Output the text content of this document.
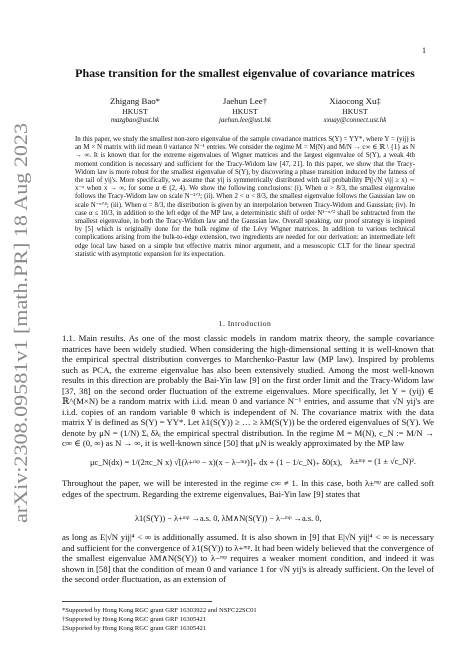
arXiv:2308.09581v1 [math.PR] 18 Aug 2023
1
Phase transition for the smallest eigenvalue of covariance matrices
Zhigang Bao*
HKUST
mazgbao@ust.hk
Jaehun Lee†
HKUST
jaehun.lee@ust.hk
Xiaocong Xu‡
HKUST
xxuay@connect.ust.hk

In this paper, we study the smallest non-zero eigenvalue of the sample covariance matrices S(Y) = YY*, where Y = (yij) is an M × N matrix with iid mean 0 variance N⁻¹ entries. We consider the regime M = M(N) and M/N → c∞ ∈ ℝ \ {1} as N → ∞. It is known that for the extreme eigenvalues of Wigner matrices and the largest eigenvalue of S(Y), a weak 4th moment condition is necessary and sufficient for the Tracy-Widom law [47, 21]. In this paper, we show that the Tracy-Widom law is more robust for the smallest eigenvalue of S(Y), by discovering a phase transition induced by the fatness of the tail of yij's. More specifically, we assume that yij is symmetrically distributed with tail probability ℙ(|√N yij| ≥ x) ∼ x⁻ᵅ when x → ∞, for some α ∈ (2, 4). We show the following conclusions: (i). When α > 8/3, the smallest eigenvalue follows the Tracy-Widom law on scale N⁻²ᐟ³; (ii). When 2 < α < 8/3, the smallest eigenvalue follows the Gaussian law on scale N⁻ᵅᐟ⁴; (iii). When α = 8/3, the distribution is given by an interpolation between Tracy-Widom and Gaussian; (iv). In case α ≤ 10/3, in addition to the left edge of the MP law, a deterministic shift of order N¹⁻ᵅᐟ² shall be subtracted from the smallest eigenvalue, in both the Tracy-Widom law and the Gaussian law. Overall speaking, our proof strategy is inspired by [5] which is originally done for the bulk regime of the Lévy Wigner matrices. In addition to various technical complications arising from the bulk-to-edge extension, two ingredients are needed for our derivation: an intermediate left edge local law based on a simple but effective matrix minor argument, and a mesoscopic CLT for the linear spectral statistic with asymptotic expansion for its expectation.

1. Introduction

1.1. Main results. As one of the most classic models in random matrix theory, the sample covariance matrices have been widely studied. When considering the high-dimensional setting it is well-known that the empirical spectral distribution converges to Marchenko-Pastur law (MP law). Inspired by problems such as PCA, the extreme eigenvalue has also been extensively studied. Among the most well-known results in this direction are probably the Bai-Yin law [9] on the first order limit and the Tracy-Widom law [37, 38] on the second order fluctuation of the extreme eigenvalues. More specifically, let Y = (yij) ∈ ℝ^(M×N) be a random matrix with i.i.d. mean 0 and variance N⁻¹ entries, and assume that √N yij's are i.i.d. copies of an random variable θ which is independent of N. The covariance matrix with the data matrix Y is defined as S(Y) = YY*. Let λ1(S(Y)) ≥ … ≥ λM(S(Y)) be the ordered eigenvalues of S(Y). We denote by μN = (1/N) Σᵢ δλᵢ the empirical spectral distribution. In the regime M = M(N), c_N := M/N → c∞ ∈ (0, ∞) as N → ∞, it is well-known since [50] that μN is weakly approximated by the MP law

μc_N(dx) = 1/(2πc_N x) √[(λ+ᵐᵖ − x)(x − λ−ᵐᵖ)]₊ dx + (1 − 1/c_N)₊ δ0(x), λ±ᵐᵖ = (1 ± √c_N)².

Throughout the paper, we will be interested in the regime c∞ ≠ 1. In this case, both λ±ᵐᵖ are called soft edges of the spectrum. Regarding the extreme eigenvalues, Bai-Yin law [9] states that

λ1(S(Y)) − λ+ᵐᵖ →a.s. 0, λM∧N(S(Y)) − λ−ᵐᵖ →a.s. 0,

as long as E|√N yij|⁴ < ∞ is additionally assumed. It is also shown in [9] that E|√N yij|⁴ < ∞ is necessary and sufficient for the convergence of λ1(S(Y)) to λ+ᵐᵖ. It had been widely believed that the convergence of the smallest eigenvalue λM∧N(S(Y)) to λ−ᵐᵖ requires a weaker moment condition, and indeed it was shown in [58] that the condition of mean 0 and variance 1 for √N yij's is already sufficient. On the level of the second order fluctuation, as an extension of

*Supported by Hong Kong RGC grant GRF 16303922 and NSFC22SC01

†Supported by Hong Kong RGC grant GRF 16305421

‡Supported by Hong Kong RGC grant GRF 16305421
